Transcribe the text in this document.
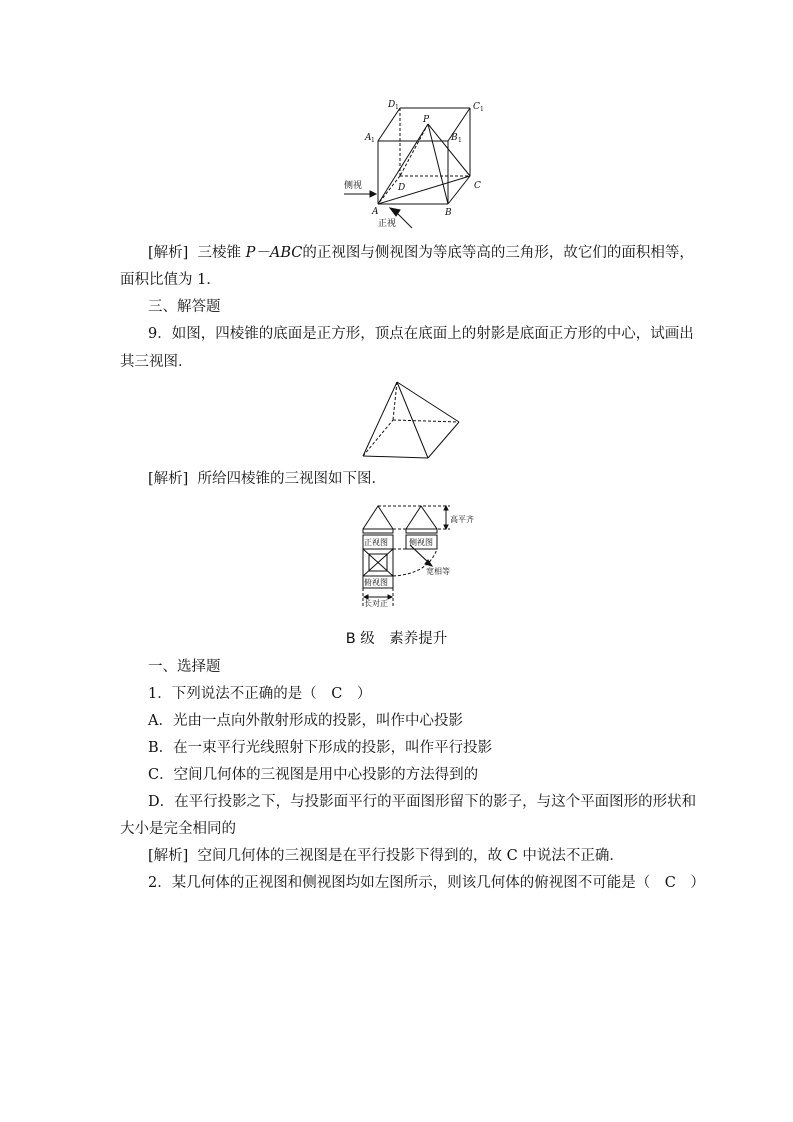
D 1	C 1
A 1	B 1
P
D	C
A	B
侧视
正视
[解析] 三棱锥 P－ABC的正视图与侧视图为等底等高的三角形，故它们的面积相等，
面积比值为 1．
三、解答题
9．如图，四棱锥的底面是正方形，顶点在底面上的射影是底面正方形的中心，试画出
其三视图．
[解析] 所给四棱锥的三视图如下图．
正视图	侧视图
俯视图
高平齐
宽相等
长对正
B 级　素养提升
一、选择题
1．下列说法不正确的是（　C　）
A．光由一点向外散射形成的投影，叫作中心投影
B．在一束平行光线照射下形成的投影，叫作平行投影
C．空间几何体的三视图是用中心投影的方法得到的
D．在平行投影之下，与投影面平行的平面图形留下的影子，与这个平面图形的形状和
大小是完全相同的
[解析] 空间几何体的三视图是在平行投影下得到的，故 C 中说法不正确．
2．某几何体的正视图和侧视图均如左图所示，则该几何体的俯视图不可能是（　C　）
